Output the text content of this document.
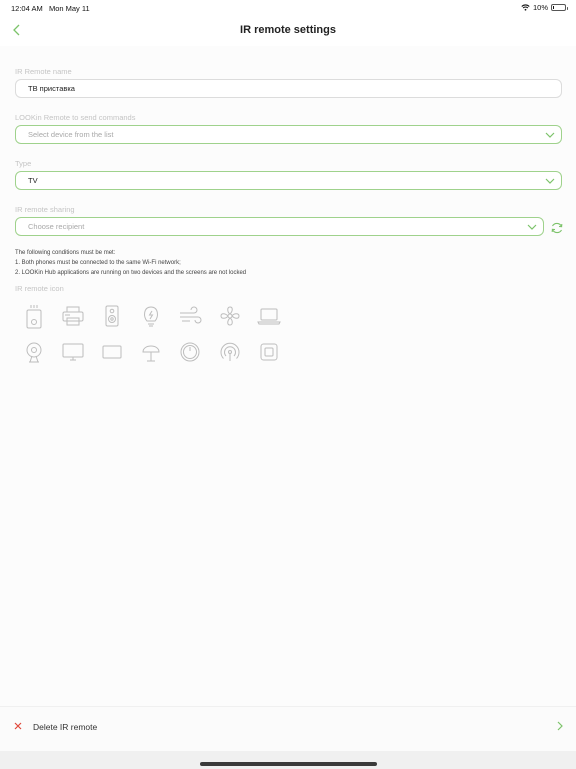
12:04 AM Mon May 11	10%
IR remote settings
IR Remote name
ТВ приставка
LOOKin Remote to send commands
Select device from the list
Type
TV
IR remote sharing
Choose recipient
The following conditions must be met:
1. Both phones must be connected to the same Wi-Fi network;
2. LOOKin Hub applications are running on two devices and the screens are not locked
IR remote icon
Delete IR remote
